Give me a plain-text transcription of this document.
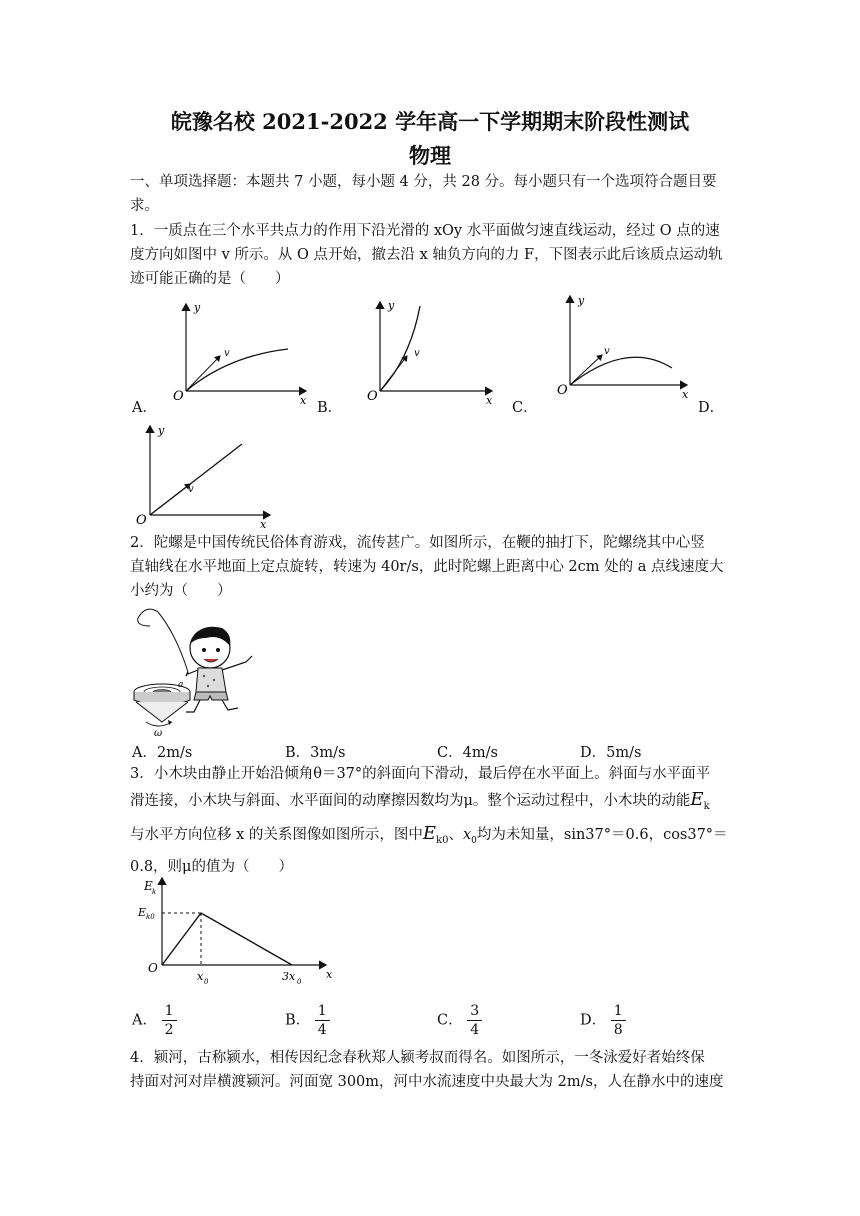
皖豫名校 2021-2022 学年高一下学期期末阶段性测试
物理
一、单项选择题：本题共 7 小题，每小题 4 分，共 28 分。每小题只有一个选项符合题目要
求。
1．一质点在三个水平共点力的作用下沿光滑的 xOy 水平面做匀速直线运动，经过 O 点的速
度方向如图中 v 所示。从 O 点开始，撤去沿 x 轴负方向的力 F，下图表示此后该质点运动轨
迹可能正确的是（　　）
y
v
O	x
A．
y
v
O	x
B．
y
v
O	x
C．	D．
y
v
O	x
2．陀螺是中国传统民俗体育游戏，流传甚广。如图所示，在鞭的抽打下，陀螺绕其中心竖
直轴线在水平地面上定点旋转，转速为 40r/s，此时陀螺上距离中心 2cm 处的 a 点线速度大
小约为（　　）
a
ω
A．2m/s	B．3m/s	C．4m/s	D．5m/s
3．小木块由静止开始沿倾角θ＝37°的斜面向下滑动，最后停在水平面上。斜面与水平面平
滑连接，小木块与斜面、水平面间的动摩擦因数均为μ。整个运动过程中，小木块的动能$E_k$
与水平方向位移 x 的关系图像如图所示，图中$E_{k0}$、$x_0$均为未知量，sin37°＝0.6，cos37°＝
0.8，则μ的值为（　　）
E k
E k0
O
x 0	3x 0
x
A． $\frac{1}{2}$	B． $\frac{1}{4}$	C． $\frac{3}{4}$	D． $\frac{1}{8}$
4．颍河，古称颍水，相传因纪念春秋郑人颍考叔而得名。如图所示，一冬泳爱好者始终保
持面对河对岸横渡颍河。河面宽 300m，河中水流速度中央最大为 2m/s，人在静水中的速度
